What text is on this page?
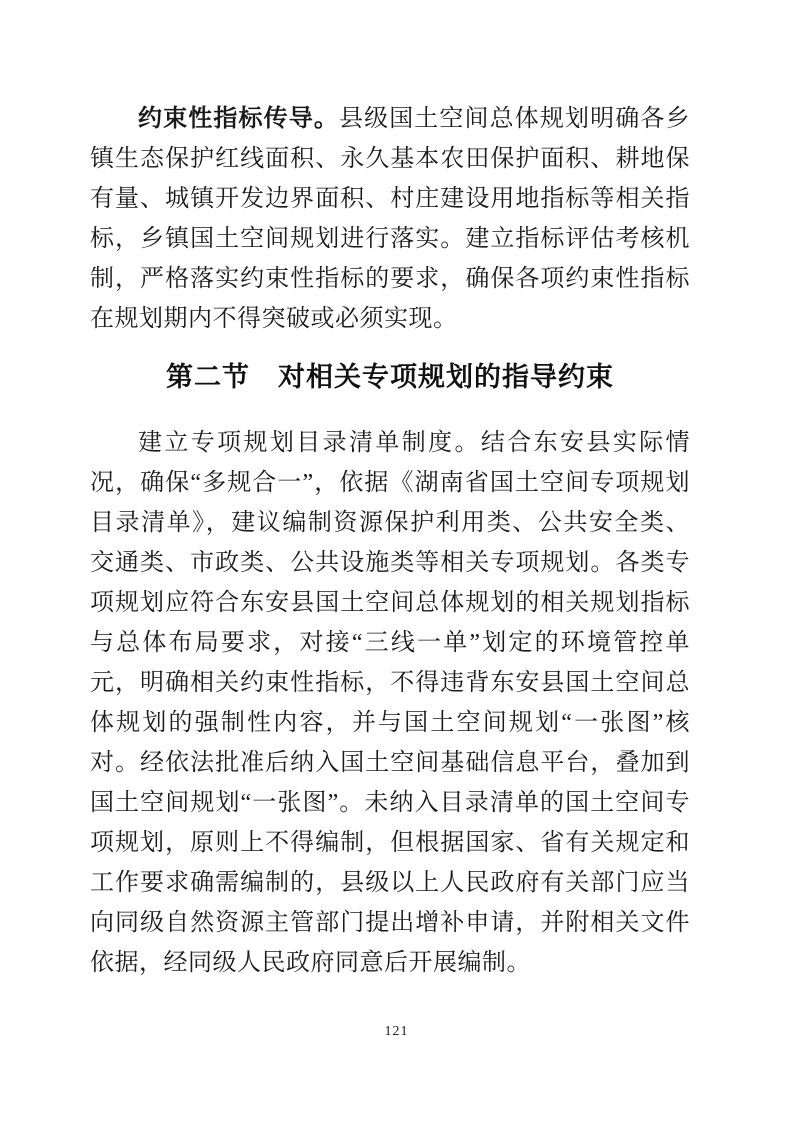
约束性指标传导。县级国土空间总体规划明确各乡镇生态保护红线面积、永久基本农田保护面积、耕地保有量、城镇开发边界面积、村庄建设用地指标等相关指标，乡镇国土空间规划进行落实。建立指标评估考核机制，严格落实约束性指标的要求，确保各项约束性指标在规划期内不得突破或必须实现。

第二节　对相关专项规划的指导约束

建立专项规划目录清单制度。结合东安县实际情况，确保“多规合一”，依据《湖南省国土空间专项规划目录清单》，建议编制资源保护利用类、公共安全类、交通类、市政类、公共设施类等相关专项规划。各类专项规划应符合东安县国土空间总体规划的相关规划指标与总体布局要求，对接“三线一单”划定的环境管控单元，明确相关约束性指标，不得违背东安县国土空间总体规划的强制性内容，并与国土空间规划“一张图”核对。经依法批准后纳入国土空间基础信息平台，叠加到国土空间规划“一张图”。未纳入目录清单的国土空间专项规划，原则上不得编制，但根据国家、省有关规定和工作要求确需编制的，县级以上人民政府有关部门应当向同级自然资源主管部门提出增补申请，并附相关文件依据，经同级人民政府同意后开展编制。

121
